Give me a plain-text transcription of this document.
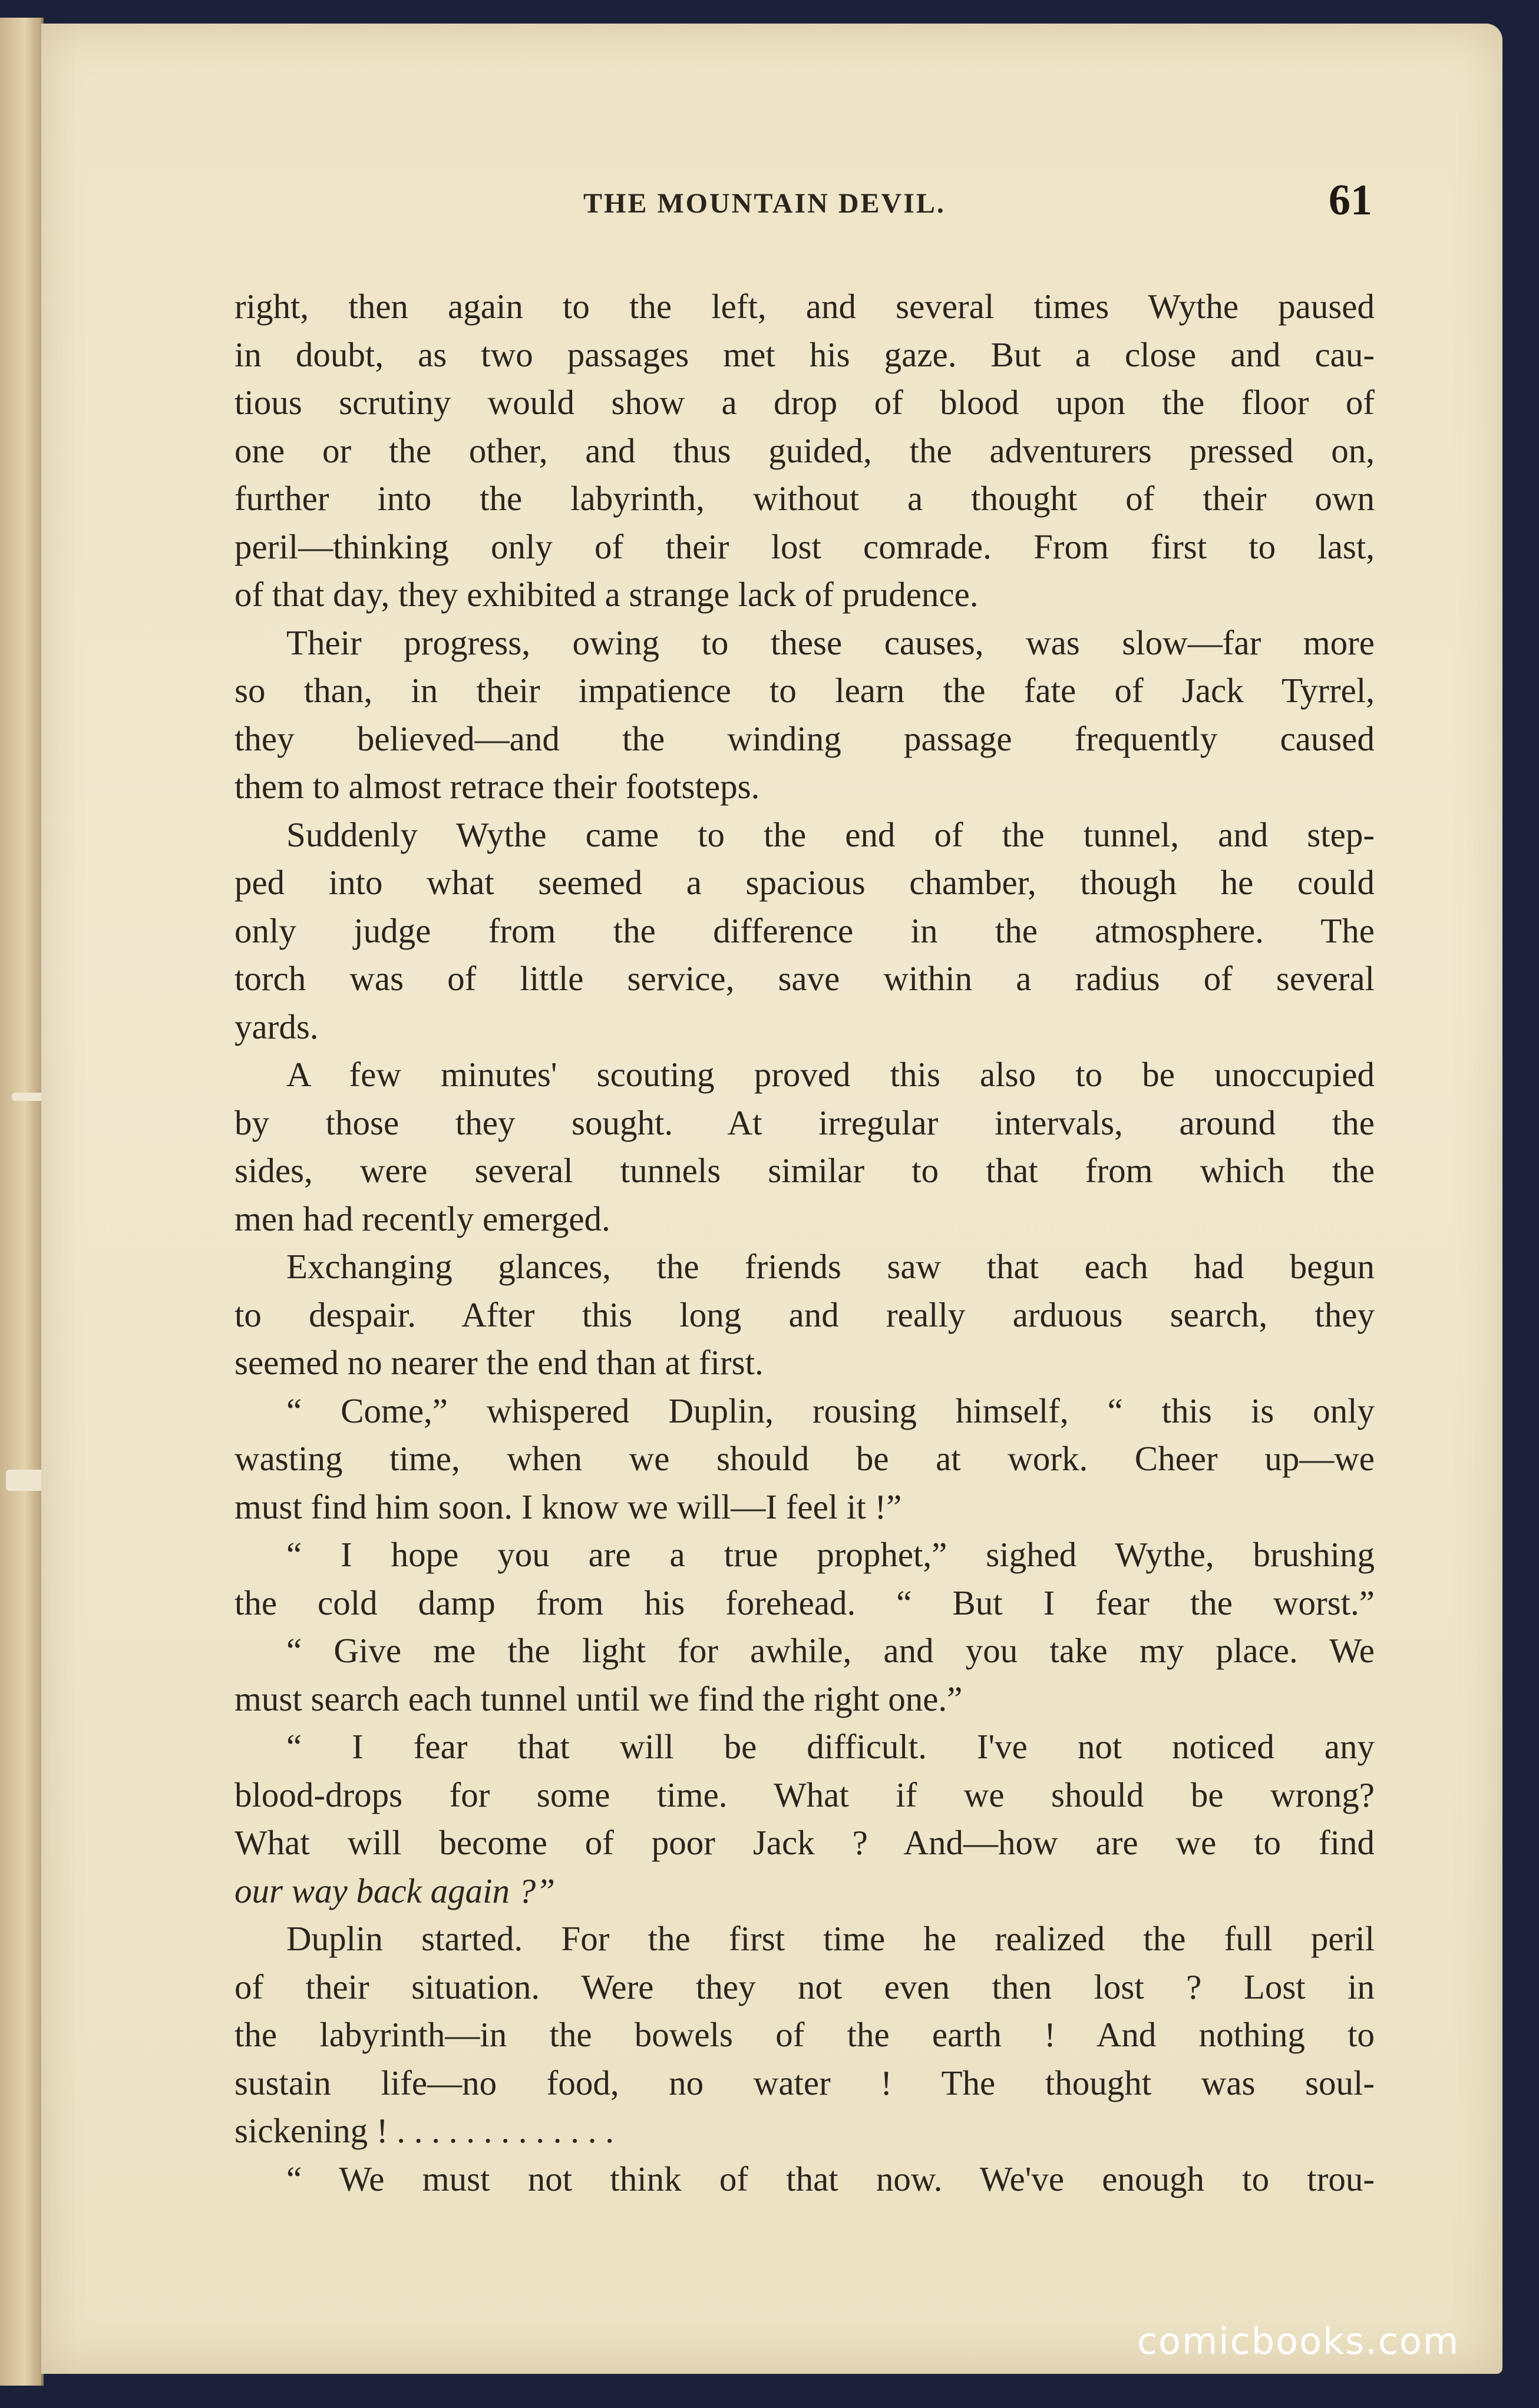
THE MOUNTAIN DEVIL.	61
right, then again to the left, and several times Wythe paused
in doubt, as two passages met his gaze. But a close and cau-
tious scrutiny would show a drop of blood upon the floor of
one or the other, and thus guided, the adventurers pressed on,
further into the labyrinth, without a thought of their own
peril—thinking only of their lost comrade. From first to last,
of that day, they exhibited a strange lack of prudence.
Their progress, owing to these causes, was slow—far more
so than, in their impatience to learn the fate of Jack Tyrrel,
they believed—and the winding passage frequently caused
them to almost retrace their footsteps.
Suddenly Wythe came to the end of the tunnel, and step-
ped into what seemed a spacious chamber, though he could
only judge from the difference in the atmosphere. The
torch was of little service, save within a radius of several
yards.
A few minutes' scouting proved this also to be unoccupied
by those they sought. At irregular intervals, around the
sides, were several tunnels similar to that from which the
men had recently emerged.
Exchanging glances, the friends saw that each had begun
to despair. After this long and really arduous search, they
seemed no nearer the end than at first.
“ Come,” whispered Duplin, rousing himself, “ this is only
wasting time, when we should be at work. Cheer up—we
must find him soon. I know we will—I feel it !”
“ I hope you are a true prophet,” sighed Wythe, brushing
the cold damp from his forehead. “ But I fear the worst.”
“ Give me the light for awhile, and you take my place. We
must search each tunnel until we find the right one.”
“ I fear that will be difficult. I've not noticed any
blood-drops for some time. What if we should be wrong?
What will become of poor Jack ? And—how are we to find
our way back again ?”
Duplin started. For the first time he realized the full peril
of their situation. Were they not even then lost ? Lost in
the labyrinth—in the bowels of the earth ! And nothing to
sustain life—no food, no water ! The thought was soul-
sickening ! . . . . . . . . . . . . .
“ We must not think of that now. We've enough to trou-
comicbooks.com
